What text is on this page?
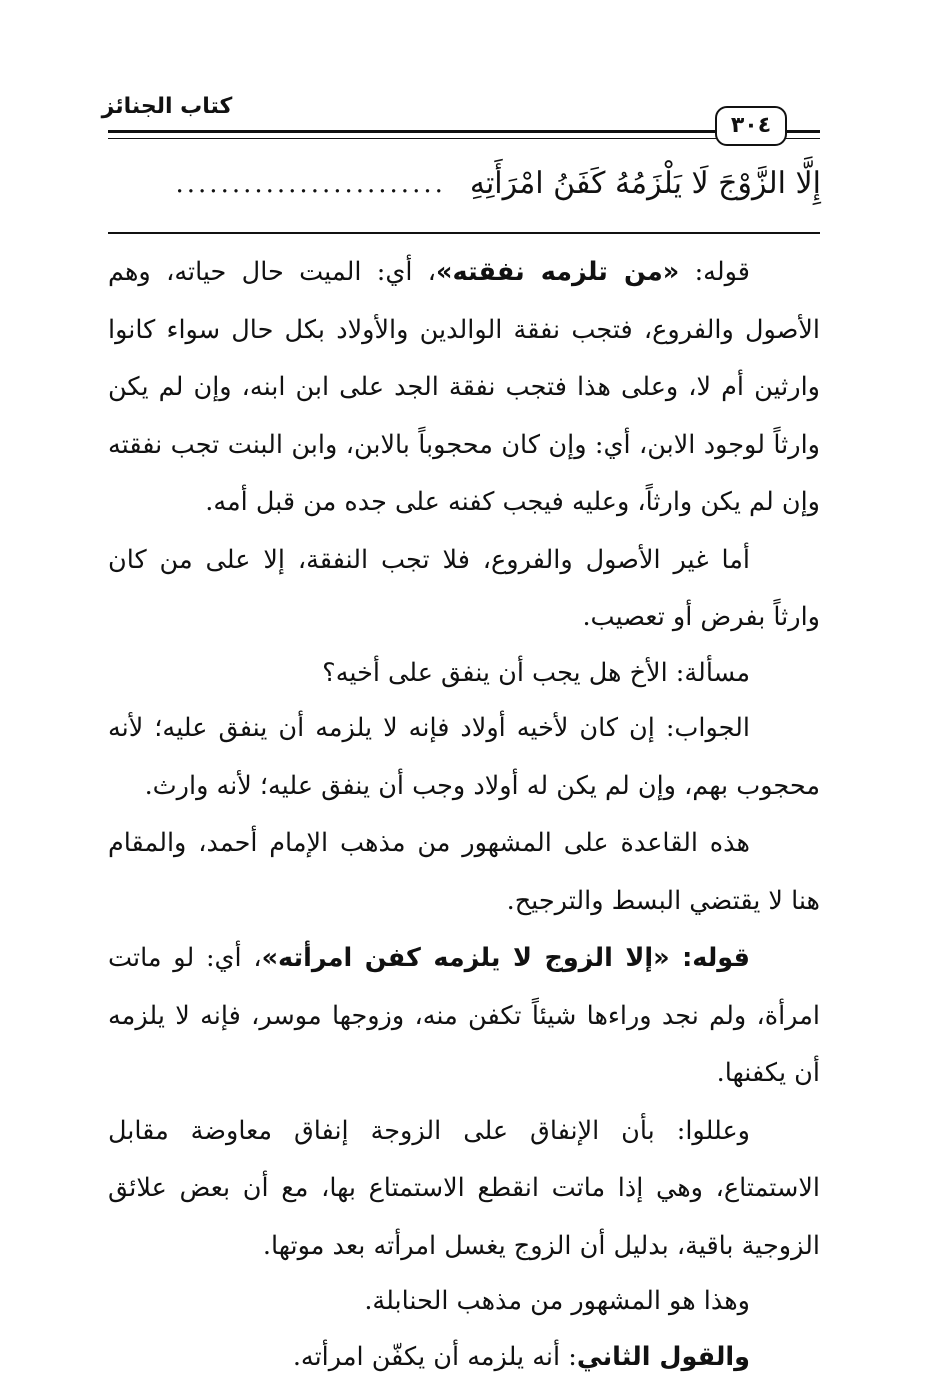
كتاب الجنائز
٣٠٤
إِلَّا الزَّوْجَ لَا يَلْزَمُهُ كَفَنُ امْرَأَتِهِ
........................

قوله: «من تلزمه نفقته»، أي: الميت حال حياته، وهم الأصول والفروع، فتجب نفقة الوالدين والأولاد بكل حال سواء كانوا وارثين أم لا، وعلى هذا فتجب نفقة الجد على ابن ابنه، وإن لم يكن وارثاً لوجود الابن، أي: وإن كان محجوباً بالابن، وابن البنت تجب نفقته وإن لم يكن وارثاً، وعليه فيجب كفنه على جده من قبل أمه.

أما غير الأصول والفروع، فلا تجب النفقة، إلا على من كان وارثاً بفرض أو تعصيب.

مسألة: الأخ هل يجب أن ينفق على أخيه؟

الجواب: إن كان لأخيه أولاد فإنه لا يلزمه أن ينفق عليه؛ لأنه محجوب بهم، وإن لم يكن له أولاد وجب أن ينفق عليه؛ لأنه وارث.

هذه القاعدة على المشهور من مذهب الإمام أحمد، والمقام هنا لا يقتضي البسط والترجيح.

قوله: «إلا الزوج لا يلزمه كفن امرأته»، أي: لو ماتت امرأة، ولم نجد وراءها شيئاً تكفن منه، وزوجها موسر، فإنه لا يلزمه أن يكفنها.

وعللوا: بأن الإنفاق على الزوجة إنفاق معاوضة مقابل الاستمتاع، وهي إذا ماتت انقطع الاستمتاع بها، مع أن بعض علائق الزوجية باقية، بدليل أن الزوج يغسل امرأته بعد موتها.

وهذا هو المشهور من مذهب الحنابلة.

والقول الثاني: أنه يلزمه أن يكفّن امرأته.
